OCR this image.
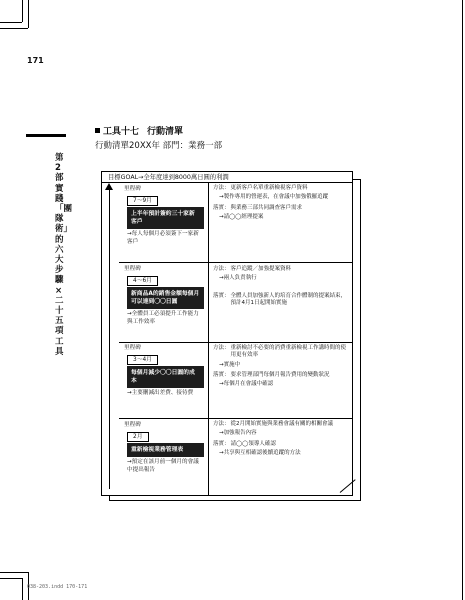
171
第2部 實踐「團隊術」的六大步驟×二十五項工具
工具十七 行動清單
行動清單20XX年 部門：業務一部
目標GOAL→全年度達到8000萬日圓的利潤
里程碑
7～9月
上半年預計簽約三十家新客戶
→每人每個月必須簽下一家新客戶
方法： 更新客戶名單重新檢視客戶資料
→製作專用的營運表，在會議中加強俄羅追蹤
落實： 與業務三部共同調查客戶需求
→請◯◯經理提案
里程碑
4～6月
新商品A的銷售金額每個月可以達到〇〇日圓
→全體員工必須提升工作能力與工作效率
方法： 客戶追蹤／加強提案資料
→兩人負責執行
落實： 全體人員加強新人的培育合作體制的提案結束，預計4月1日起開始實施
里程碑
3～4月
每個月減少〇〇日圓的成本
→主要刪減出差費、接待費
方法： 重新檢討不必要的消費重新檢視工作講時間的使用更有效率
→實施中
落實： 要求管理部門每個月報告費用的變動狀況
→每個月在會議中確認
里程碑
2月
重新檢視業務管理表
→預定在該月前一個月的會議中提出報告
方法： 從2月開始實施與業務會議有關的相關會議
→加強報告內容
落實： 請◯◯領導人確認
→共享與互相確認後續追蹤的方法
038-203.indd 170-171
